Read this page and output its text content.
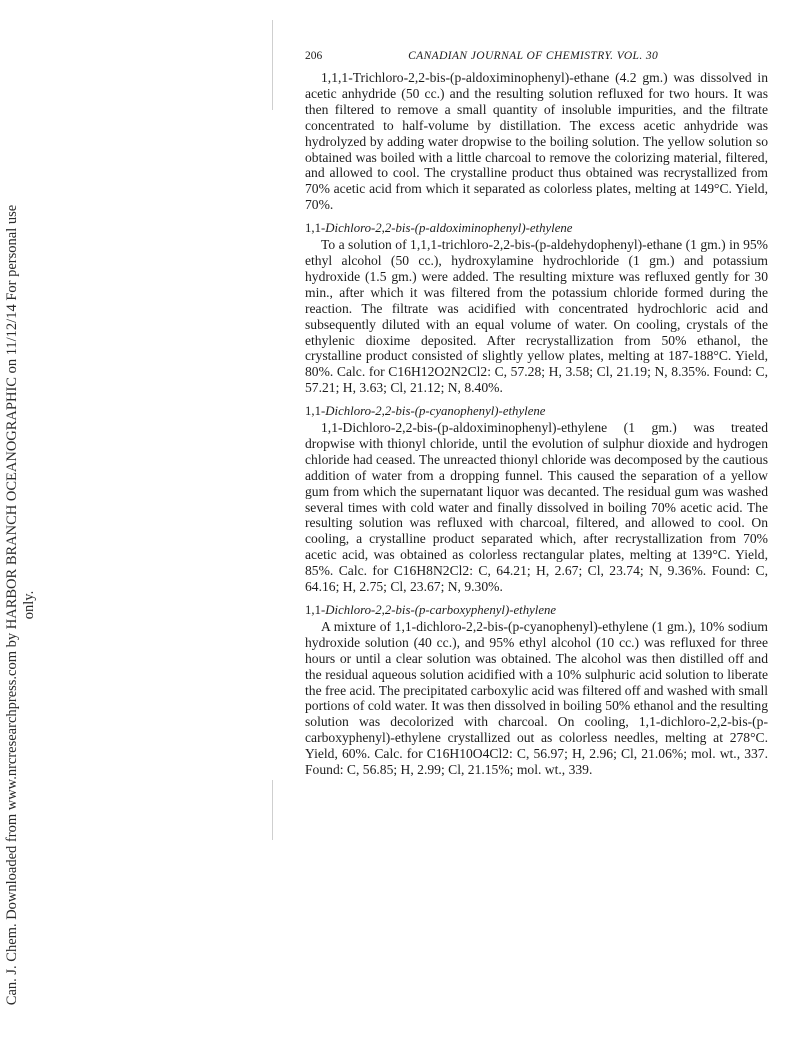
Can. J. Chem. Downloaded from www.nrcresearchpress.com by HARBOR BRANCH OCEANOGRAPHIC on 11/12/14 For personal use only.
206	CANADIAN JOURNAL OF CHEMISTRY. VOL. 30

1,1,1-Trichloro-2,2-bis-(p-aldoximinophenyl)-ethane (4.2 gm.) was dissolved in acetic anhydride (50 cc.) and the resulting solution refluxed for two hours. It was then filtered to remove a small quantity of insoluble impurities, and the filtrate concentrated to half-volume by distillation. The excess acetic anhydride was hydrolyzed by adding water dropwise to the boiling solution. The yellow solution so obtained was boiled with a little charcoal to remove the colorizing material, filtered, and allowed to cool. The crystalline product thus obtained was recrystallized from 70% acetic acid from which it separated as colorless plates, melting at 149°C. Yield, 70%.

1,1-Dichloro-2,2-bis-(p-aldoximinophenyl)-ethylene

To a solution of 1,1,1-trichloro-2,2-bis-(p-aldehydophenyl)-ethane (1 gm.) in 95% ethyl alcohol (50 cc.), hydroxylamine hydrochloride (1 gm.) and potassium hydroxide (1.5 gm.) were added. The resulting mixture was refluxed gently for 30 min., after which it was filtered from the potassium chloride formed during the reaction. The filtrate was acidified with concentrated hydrochloric acid and subsequently diluted with an equal volume of water. On cooling, crystals of the ethylenic dioxime deposited. After recrystallization from 50% ethanol, the crystalline product consisted of slightly yellow plates, melting at 187-188°C. Yield, 80%. Calc. for C16H12O2N2Cl2: C, 57.28; H, 3.58; Cl, 21.19; N, 8.35%. Found: C, 57.21; H, 3.63; Cl, 21.12; N, 8.40%.

1,1-Dichloro-2,2-bis-(p-cyanophenyl)-ethylene

1,1-Dichloro-2,2-bis-(p-aldoximinophenyl)-ethylene (1 gm.) was treated dropwise with thionyl chloride, until the evolution of sulphur dioxide and hydrogen chloride had ceased. The unreacted thionyl chloride was decomposed by the cautious addition of water from a dropping funnel. This caused the separation of a yellow gum from which the supernatant liquor was decanted. The residual gum was washed several times with cold water and finally dissolved in boiling 70% acetic acid. The resulting solution was refluxed with charcoal, filtered, and allowed to cool. On cooling, a crystalline product separated which, after recrystallization from 70% acetic acid, was obtained as colorless rectangular plates, melting at 139°C. Yield, 85%. Calc. for C16H8N2Cl2: C, 64.21; H, 2.67; Cl, 23.74; N, 9.36%. Found: C, 64.16; H, 2.75; Cl, 23.67; N, 9.30%.

1,1-Dichloro-2,2-bis-(p-carboxyphenyl)-ethylene

A mixture of 1,1-dichloro-2,2-bis-(p-cyanophenyl)-ethylene (1 gm.), 10% sodium hydroxide solution (40 cc.), and 95% ethyl alcohol (10 cc.) was refluxed for three hours or until a clear solution was obtained. The alcohol was then distilled off and the residual aqueous solution acidified with a 10% sulphuric acid solution to liberate the free acid. The precipitated carboxylic acid was filtered off and washed with small portions of cold water. It was then dissolved in boiling 50% ethanol and the resulting solution was decolorized with charcoal. On cooling, 1,1-dichloro-2,2-bis-(p-carboxyphenyl)-ethylene crystallized out as colorless needles, melting at 278°C. Yield, 60%. Calc. for C16H10O4Cl2: C, 56.97; H, 2.96; Cl, 21.06%; mol. wt., 337. Found: C, 56.85; H, 2.99; Cl, 21.15%; mol. wt., 339.
